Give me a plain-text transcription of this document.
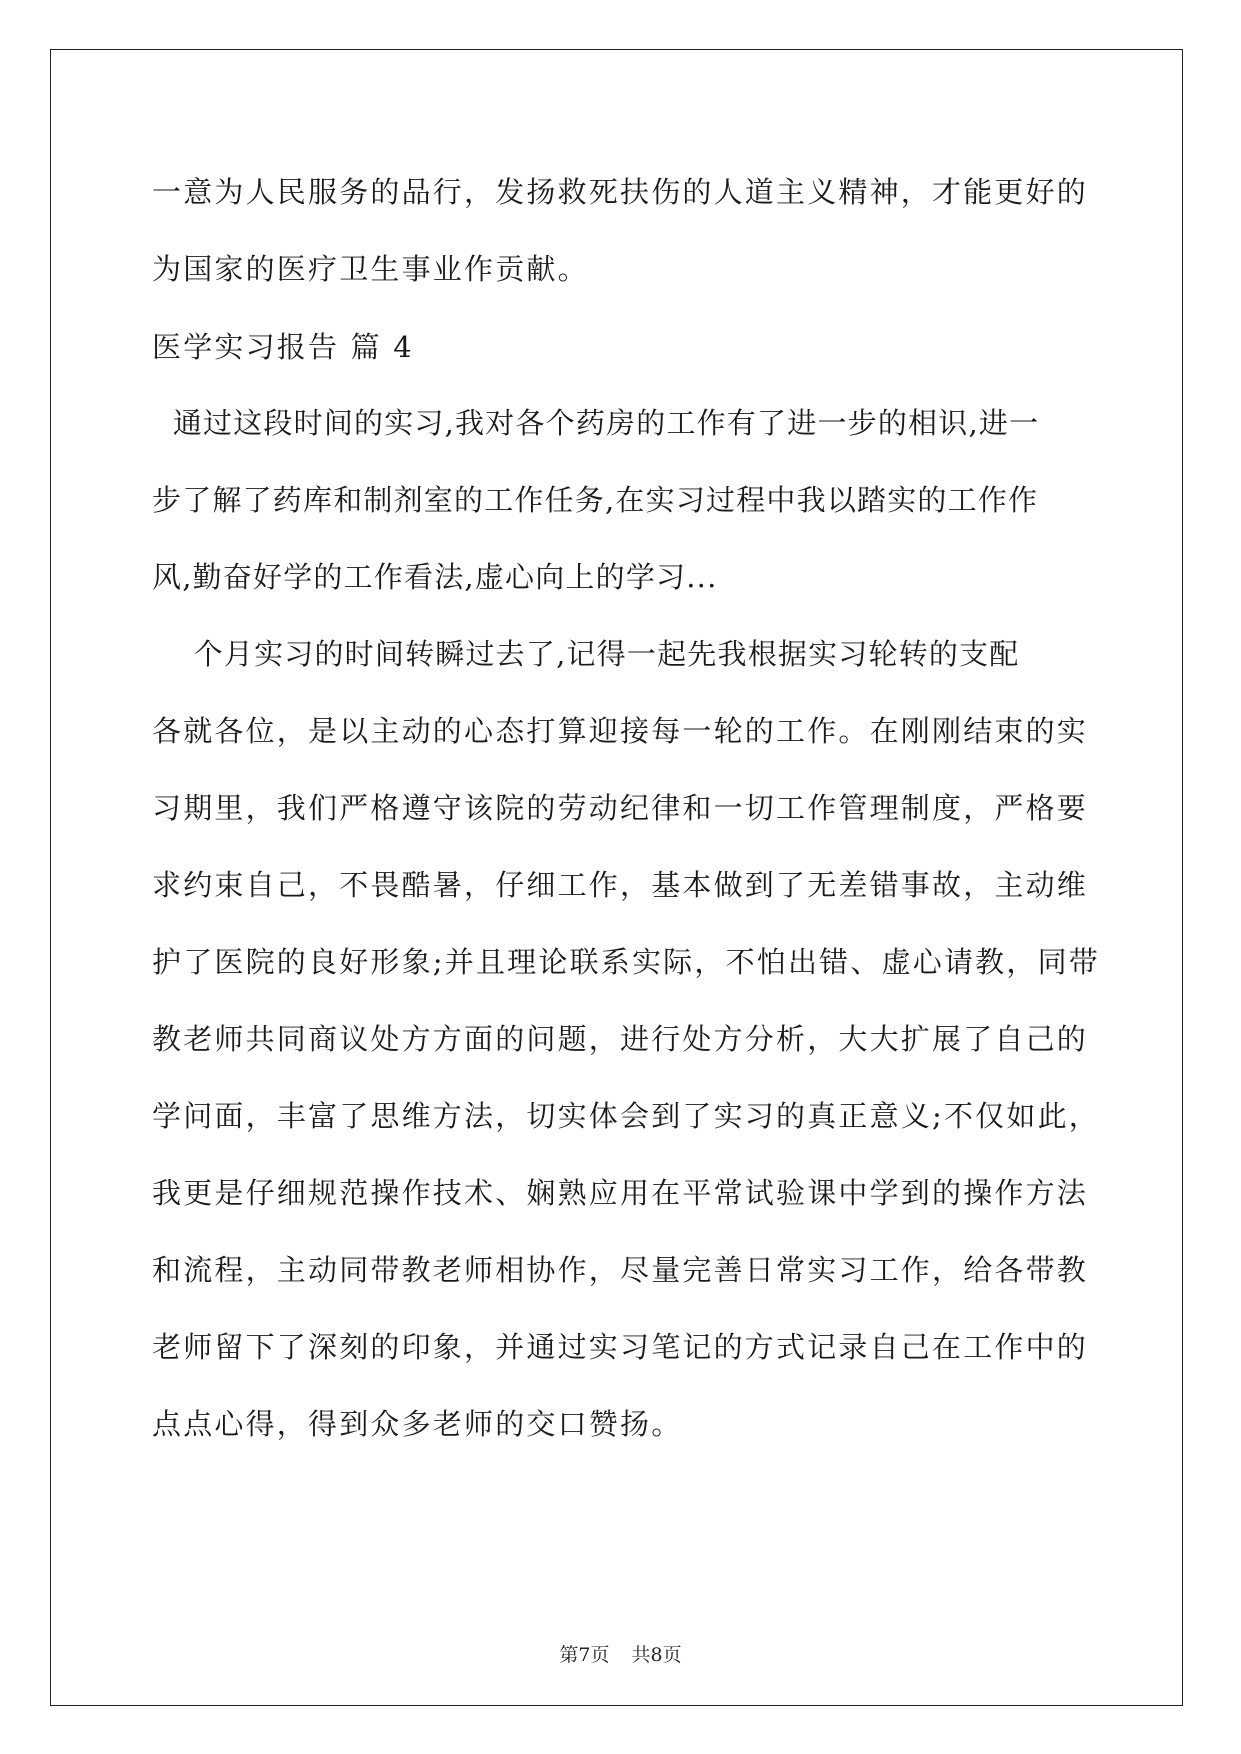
一意为人民服务的品行，发扬救死扶伤的人道主义精神，才能更好的
为国家的医疗卫生事业作贡献。
医学实习报告 篇 4
通过这段时间的实习,我对各个药房的工作有了进一步的相识,进一
步了解了药库和制剂室的工作任务,在实习过程中我以踏实的工作作
风,勤奋好学的工作看法,虚心向上的学习...
个月实习的时间转瞬过去了,记得一起先我根据实习轮转的支配
各就各位，是以主动的心态打算迎接每一轮的工作。在刚刚结束的实
习期里，我们严格遵守该院的劳动纪律和一切工作管理制度，严格要
求约束自己，不畏酷暑，仔细工作，基本做到了无差错事故，主动维
护了医院的良好形象;并且理论联系实际，不怕出错、虚心请教，同带
教老师共同商议处方方面的问题，进行处方分析，大大扩展了自己的
学问面，丰富了思维方法，切实体会到了实习的真正意义;不仅如此，
我更是仔细规范操作技术、娴熟应用在平常试验课中学到的操作方法
和流程，主动同带教老师相协作，尽量完善日常实习工作，给各带教
老师留下了深刻的印象，并通过实习笔记的方式记录自己在工作中的
点点心得，得到众多老师的交口赞扬。
第7页 共8页
